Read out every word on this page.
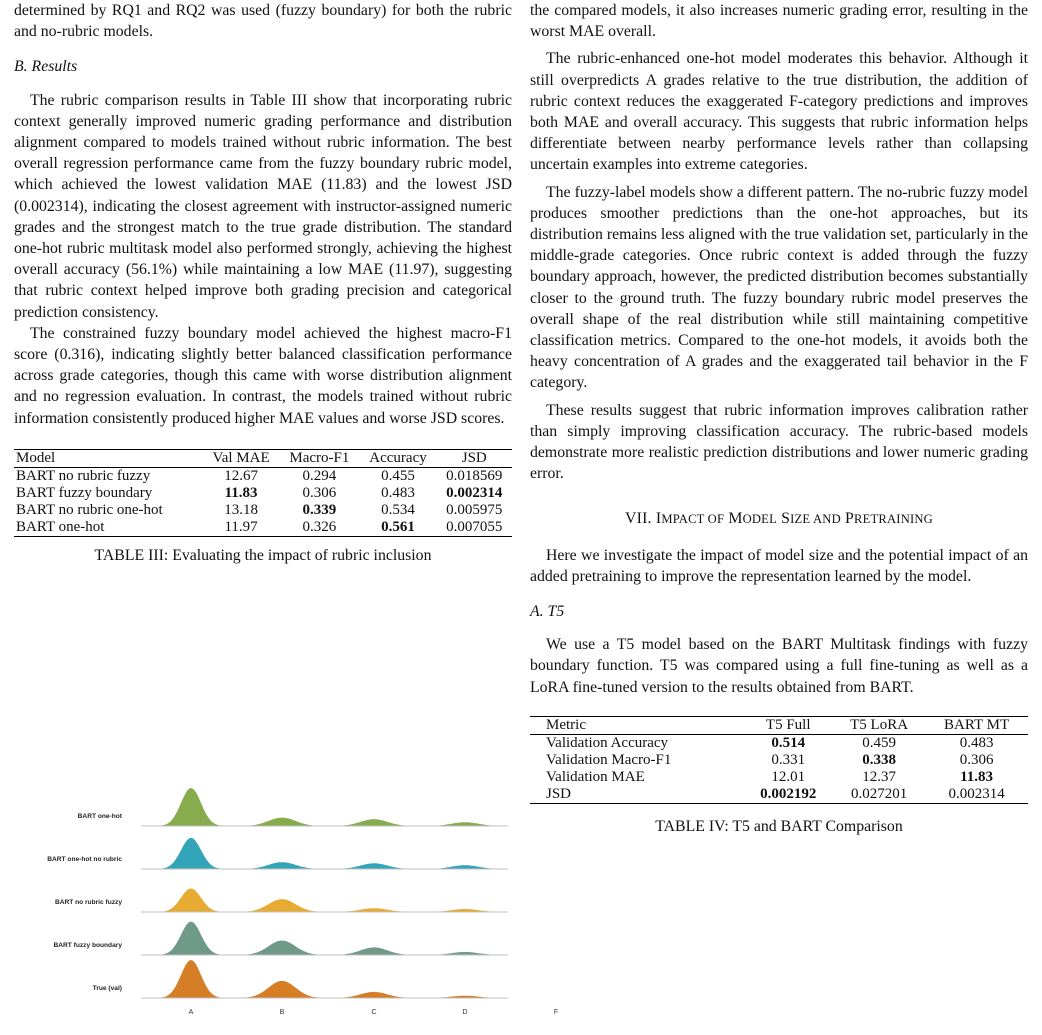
determined by RQ1 and RQ2 was used (fuzzy boundary) for both the rubric and no-rubric models.

B. Results

The rubric comparison results in Table III show that incorporating rubric context generally improved numeric grading performance and distribution alignment compared to models trained without rubric information. The best overall regression performance came from the fuzzy boundary rubric model, which achieved the lowest validation MAE (11.83) and the lowest JSD (0.002314), indicating the closest agreement with instructor-assigned numeric grades and the strongest match to the true grade distribution. The standard one-hot rubric multitask model also performed strongly, achieving the highest overall accuracy (56.1%) while maintaining a low MAE (11.97), suggesting that rubric context helped improve both grading precision and categorical prediction consistency.

The constrained fuzzy boundary model achieved the highest macro-F1 score (0.316), indicating slightly better balanced classification performance across grade categories, though this came with worse distribution alignment and no regression evaluation. In contrast, the models trained without rubric information consistently produced higher MAE values and worse JSD scores.

Model	Val MAE	Macro-F1	Accuracy	JSD
BART no rubric fuzzy	12.67	0.294	0.455	0.018569
BART fuzzy boundary	11.83	0.306	0.483	0.002314
BART no rubric one-hot	13.18	0.339	0.534	0.005975
BART one-hot	11.97	0.326	0.561	0.007055
TABLE III: Evaluating the impact of rubric inclusion
BART one-hot
BART one-hot no rubric
BART no rubric fuzzy
BART fuzzy boundary
True (val)
A	B	C	D	F

the compared models, it also increases numeric grading error, resulting in the worst MAE overall.

The rubric-enhanced one-hot model moderates this behavior. Although it still overpredicts A grades relative to the true distribution, the addition of rubric context reduces the exaggerated F-category predictions and improves both MAE and overall accuracy. This suggests that rubric information helps differentiate between nearby performance levels rather than collapsing uncertain examples into extreme categories.

The fuzzy-label models show a different pattern. The no-rubric fuzzy model produces smoother predictions than the one-hot approaches, but its distribution remains less aligned with the true validation set, particularly in the middle-grade categories. Once rubric context is added through the fuzzy boundary approach, however, the predicted distribution becomes substantially closer to the ground truth. The fuzzy boundary rubric model preserves the overall shape of the real distribution while still maintaining competitive classification metrics. Compared to the one-hot models, it avoids both the heavy concentration of A grades and the exaggerated tail behavior in the F category.

These results suggest that rubric information improves calibration rather than simply improving classification accuracy. The rubric-based models demonstrate more realistic prediction distributions and lower numeric grading error.

VII. IMPACT OF MODEL SIZE AND PRETRAINING

Here we investigate the impact of model size and the potential impact of an added pretraining to improve the representation learned by the model.

A. T5

We use a T5 model based on the BART Multitask findings with fuzzy boundary function. T5 was compared using a full fine-tuning as well as a LoRA fine-tuned version to the results obtained from BART.

Metric	T5 Full	T5 LoRA	BART MT
Validation Accuracy	0.514	0.459	0.483
Validation Macro-F1	0.331	0.338	0.306
Validation MAE	12.01	12.37	11.83
JSD	0.002192	0.027201	0.002314
TABLE IV: T5 and BART Comparison
